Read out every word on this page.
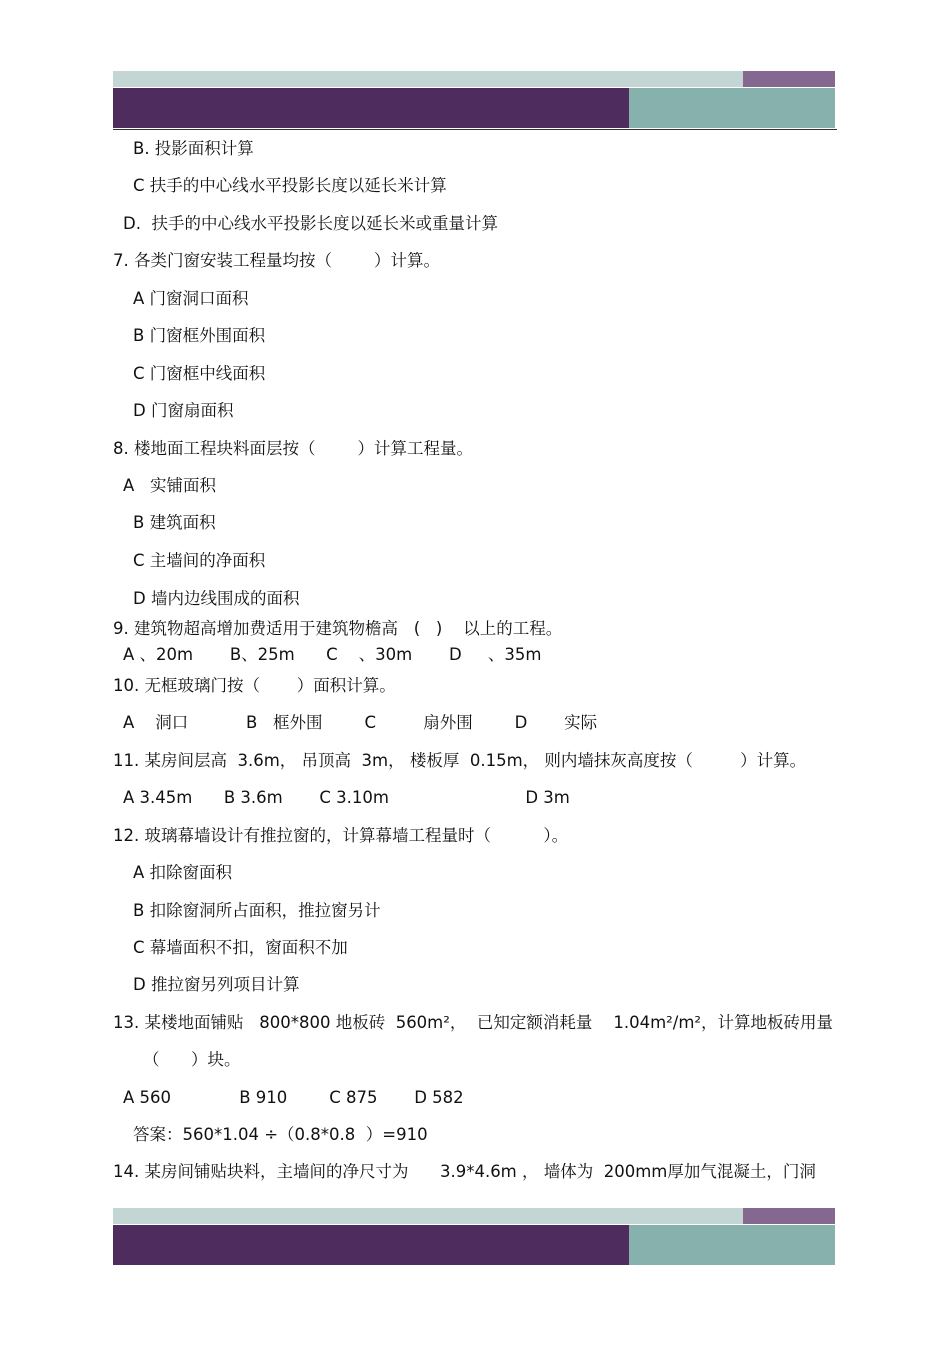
B. 投影面积计算
C 扶手的中心线水平投影长度以延长米计算
D.  扶手的中心线水平投影长度以延长米或重量计算
7. 各类门窗安装工程量均按（        ）计算。
A 门窗洞口面积
B 门窗框外围面积
C 门窗框中线面积
D 门窗扇面积
8. 楼地面工程块料面层按（        ）计算工程量。
A   实铺面积
B 建筑面积
C 主墙间的净面积
D 墙内边线围成的面积
9. 建筑物超高增加费适用于建筑物檐高   (   )    以上的工程。
A 、20m       B、25m      C    、30m       D     、35m
10. 无框玻璃门按（       ）面积计算。
A    洞口           B   框外围        C         扇外围        D       实际
11. 某房间层高  3.6m， 吊顶高  3m， 楼板厚  0.15m， 则内墙抹灰高度按（         ）计算。
A 3.45m      B 3.6m       C 3.10m                          D 3m
12. 玻璃幕墙设计有推拉窗的，计算幕墙工程量时（          ）。
A 扣除窗面积
B 扣除窗洞所占面积，推拉窗另计
C 幕墙面积不扣，窗面积不加
D 推拉窗另列项目计算
13. 某楼地面铺贴   800*800 地板砖  560m²，  已知定额消耗量    1.04m²/m²，计算地板砖用量
（      ）块。
A 560             B 910        C 875       D 582
答案：560*1.04 ÷（0.8*0.8  ）=910
14. 某房间铺贴块料，主墙间的净尺寸为      3.9*4.6m ， 墙体为  200mm厚加气混凝土，门洞
